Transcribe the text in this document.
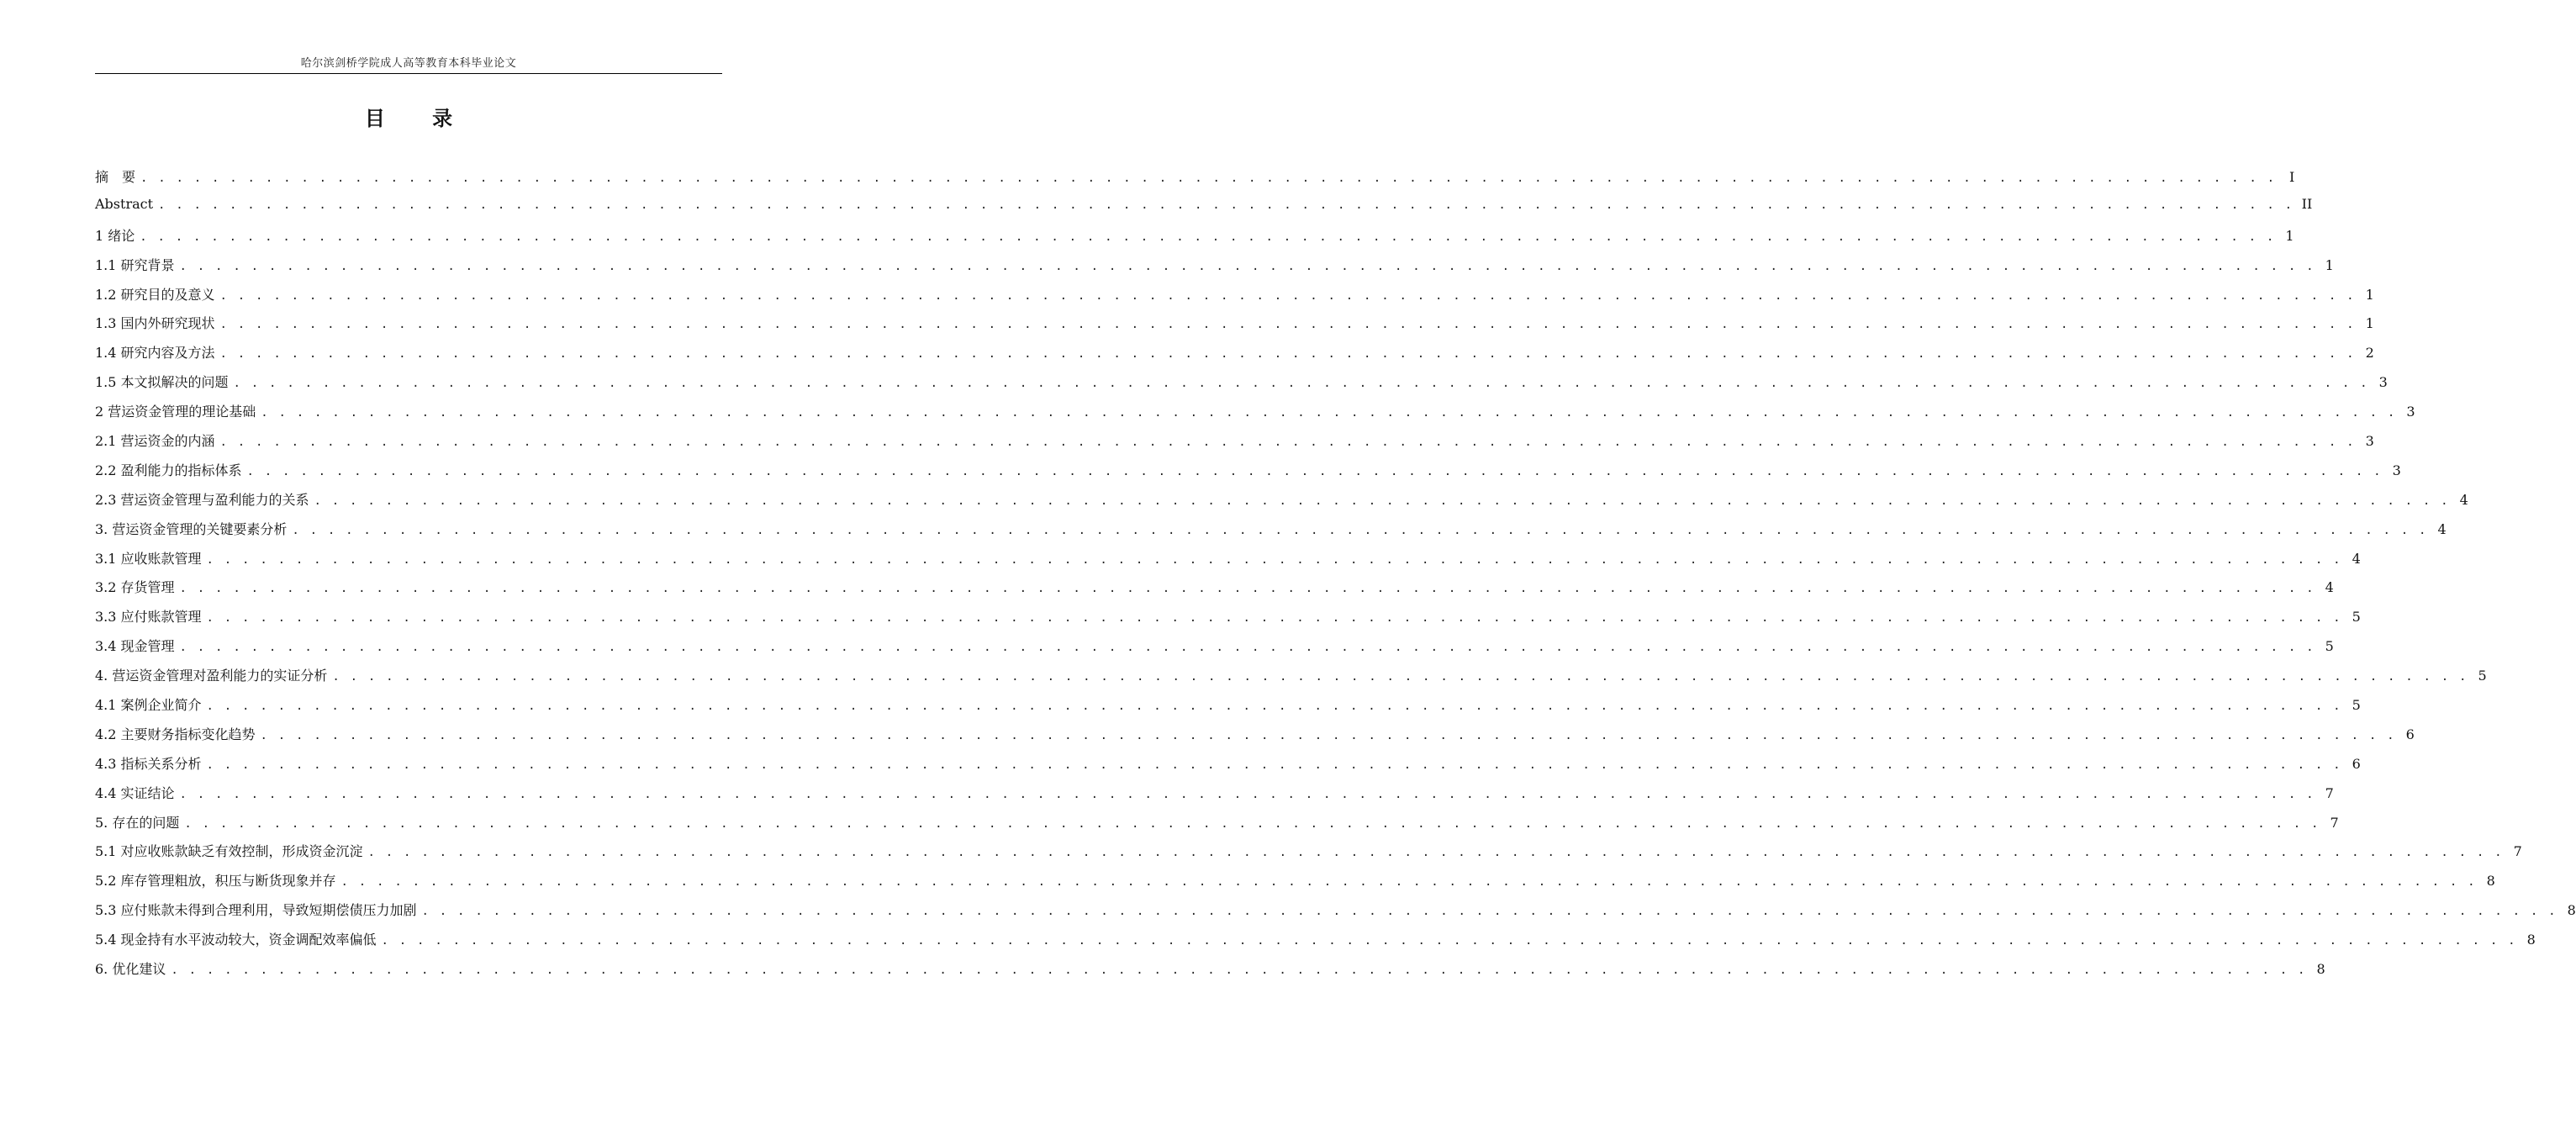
哈尔滨剑桥学院成人高等教育本科毕业论文
目 录
摘　要 . . . . . . . . . . . . . . . . . . . . . . . . . . . . . . . . . . . . . . . . . . . . . . . . . . . . . . . . . . . . . . . . . . . . . . . . . . . . . . . . . . . . . . . . . . . . . . . . . . . . . . . . . . . . . . . . . . . . . . . . I
Abstract . . . . . . . . . . . . . . . . . . . . . . . . . . . . . . . . . . . . . . . . . . . . . . . . . . . . . . . . . . . . . . . . . . . . . . . . . . . . . . . . . . . . . . . . . . . . . . . . . . . . . . . . . . . . . . . . . . . . . . . . II
1 绪论 . . . . . . . . . . . . . . . . . . . . . . . . . . . . . . . . . . . . . . . . . . . . . . . . . . . . . . . . . . . . . . . . . . . . . . . . . . . . . . . . . . . . . . . . . . . . . . . . . . . . . . . . . . . . . . . . . . . . . . . . 1
1.1 研究背景 . . . . . . . . . . . . . . . . . . . . . . . . . . . . . . . . . . . . . . . . . . . . . . . . . . . . . . . . . . . . . . . . . . . . . . . . . . . . . . . . . . . . . . . . . . . . . . . . . . . . . . . . . . . . . . . . . . . . . . . . 1
1.2 研究目的及意义 . . . . . . . . . . . . . . . . . . . . . . . . . . . . . . . . . . . . . . . . . . . . . . . . . . . . . . . . . . . . . . . . . . . . . . . . . . . . . . . . . . . . . . . . . . . . . . . . . . . . . . . . . . . . . . . . . . . . . . . . 1
1.3 国内外研究现状 . . . . . . . . . . . . . . . . . . . . . . . . . . . . . . . . . . . . . . . . . . . . . . . . . . . . . . . . . . . . . . . . . . . . . . . . . . . . . . . . . . . . . . . . . . . . . . . . . . . . . . . . . . . . . . . . . . . . . . . . 1
1.4 研究内容及方法 . . . . . . . . . . . . . . . . . . . . . . . . . . . . . . . . . . . . . . . . . . . . . . . . . . . . . . . . . . . . . . . . . . . . . . . . . . . . . . . . . . . . . . . . . . . . . . . . . . . . . . . . . . . . . . . . . . . . . . . . 2
1.5 本文拟解决的问题 . . . . . . . . . . . . . . . . . . . . . . . . . . . . . . . . . . . . . . . . . . . . . . . . . . . . . . . . . . . . . . . . . . . . . . . . . . . . . . . . . . . . . . . . . . . . . . . . . . . . . . . . . . . . . . . . . . . . . . . . 3
2 营运资金管理的理论基础 . . . . . . . . . . . . . . . . . . . . . . . . . . . . . . . . . . . . . . . . . . . . . . . . . . . . . . . . . . . . . . . . . . . . . . . . . . . . . . . . . . . . . . . . . . . . . . . . . . . . . . . . . . . . . . . . . . . . . . . . 3
2.1 营运资金的内涵 . . . . . . . . . . . . . . . . . . . . . . . . . . . . . . . . . . . . . . . . . . . . . . . . . . . . . . . . . . . . . . . . . . . . . . . . . . . . . . . . . . . . . . . . . . . . . . . . . . . . . . . . . . . . . . . . . . . . . . . . 3
2.2 盈利能力的指标体系 . . . . . . . . . . . . . . . . . . . . . . . . . . . . . . . . . . . . . . . . . . . . . . . . . . . . . . . . . . . . . . . . . . . . . . . . . . . . . . . . . . . . . . . . . . . . . . . . . . . . . . . . . . . . . . . . . . . . . . . . 3
2.3 营运资金管理与盈利能力的关系 . . . . . . . . . . . . . . . . . . . . . . . . . . . . . . . . . . . . . . . . . . . . . . . . . . . . . . . . . . . . . . . . . . . . . . . . . . . . . . . . . . . . . . . . . . . . . . . . . . . . . . . . . . . . . . . . . . . . . . . . 4
3. 营运资金管理的关键要素分析 . . . . . . . . . . . . . . . . . . . . . . . . . . . . . . . . . . . . . . . . . . . . . . . . . . . . . . . . . . . . . . . . . . . . . . . . . . . . . . . . . . . . . . . . . . . . . . . . . . . . . . . . . . . . . . . . . . . . . . . . 4
3.1 应收账款管理 . . . . . . . . . . . . . . . . . . . . . . . . . . . . . . . . . . . . . . . . . . . . . . . . . . . . . . . . . . . . . . . . . . . . . . . . . . . . . . . . . . . . . . . . . . . . . . . . . . . . . . . . . . . . . . . . . . . . . . . . 4
3.2 存货管理 . . . . . . . . . . . . . . . . . . . . . . . . . . . . . . . . . . . . . . . . . . . . . . . . . . . . . . . . . . . . . . . . . . . . . . . . . . . . . . . . . . . . . . . . . . . . . . . . . . . . . . . . . . . . . . . . . . . . . . . . 4
3.3 应付账款管理 . . . . . . . . . . . . . . . . . . . . . . . . . . . . . . . . . . . . . . . . . . . . . . . . . . . . . . . . . . . . . . . . . . . . . . . . . . . . . . . . . . . . . . . . . . . . . . . . . . . . . . . . . . . . . . . . . . . . . . . . 5
3.4 现金管理 . . . . . . . . . . . . . . . . . . . . . . . . . . . . . . . . . . . . . . . . . . . . . . . . . . . . . . . . . . . . . . . . . . . . . . . . . . . . . . . . . . . . . . . . . . . . . . . . . . . . . . . . . . . . . . . . . . . . . . . . 5
4. 营运资金管理对盈利能力的实证分析 . . . . . . . . . . . . . . . . . . . . . . . . . . . . . . . . . . . . . . . . . . . . . . . . . . . . . . . . . . . . . . . . . . . . . . . . . . . . . . . . . . . . . . . . . . . . . . . . . . . . . . . . . . . . . . . . . . . . . . . . 5
4.1 案例企业简介 . . . . . . . . . . . . . . . . . . . . . . . . . . . . . . . . . . . . . . . . . . . . . . . . . . . . . . . . . . . . . . . . . . . . . . . . . . . . . . . . . . . . . . . . . . . . . . . . . . . . . . . . . . . . . . . . . . . . . . . . 5
4.2 主要财务指标变化趋势 . . . . . . . . . . . . . . . . . . . . . . . . . . . . . . . . . . . . . . . . . . . . . . . . . . . . . . . . . . . . . . . . . . . . . . . . . . . . . . . . . . . . . . . . . . . . . . . . . . . . . . . . . . . . . . . . . . . . . . . . 6
4.3 指标关系分析 . . . . . . . . . . . . . . . . . . . . . . . . . . . . . . . . . . . . . . . . . . . . . . . . . . . . . . . . . . . . . . . . . . . . . . . . . . . . . . . . . . . . . . . . . . . . . . . . . . . . . . . . . . . . . . . . . . . . . . . . 6
4.4 实证结论 . . . . . . . . . . . . . . . . . . . . . . . . . . . . . . . . . . . . . . . . . . . . . . . . . . . . . . . . . . . . . . . . . . . . . . . . . . . . . . . . . . . . . . . . . . . . . . . . . . . . . . . . . . . . . . . . . . . . . . . . 7
5. 存在的问题 . . . . . . . . . . . . . . . . . . . . . . . . . . . . . . . . . . . . . . . . . . . . . . . . . . . . . . . . . . . . . . . . . . . . . . . . . . . . . . . . . . . . . . . . . . . . . . . . . . . . . . . . . . . . . . . . . . . . . . . . 7
5.1 对应收账款缺乏有效控制，形成资金沉淀 . . . . . . . . . . . . . . . . . . . . . . . . . . . . . . . . . . . . . . . . . . . . . . . . . . . . . . . . . . . . . . . . . . . . . . . . . . . . . . . . . . . . . . . . . . . . . . . . . . . . . . . . . . . . . . . . . . . . . . . . 7
5.2 库存管理粗放，积压与断货现象并存 . . . . . . . . . . . . . . . . . . . . . . . . . . . . . . . . . . . . . . . . . . . . . . . . . . . . . . . . . . . . . . . . . . . . . . . . . . . . . . . . . . . . . . . . . . . . . . . . . . . . . . . . . . . . . . . . . . . . . . . . 8
5.3 应付账款未得到合理利用，导致短期偿债压力加剧 . . . . . . . . . . . . . . . . . . . . . . . . . . . . . . . . . . . . . . . . . . . . . . . . . . . . . . . . . . . . . . . . . . . . . . . . . . . . . . . . . . . . . . . . . . . . . . . . . . . . . . . . . . . . . . . . . . . . . . . . 8
5.4 现金持有水平波动较大，资金调配效率偏低 . . . . . . . . . . . . . . . . . . . . . . . . . . . . . . . . . . . . . . . . . . . . . . . . . . . . . . . . . . . . . . . . . . . . . . . . . . . . . . . . . . . . . . . . . . . . . . . . . . . . . . . . . . . . . . . . . . . . . . . . 8
6. 优化建议 . . . . . . . . . . . . . . . . . . . . . . . . . . . . . . . . . . . . . . . . . . . . . . . . . . . . . . . . . . . . . . . . . . . . . . . . . . . . . . . . . . . . . . . . . . . . . . . . . . . . . . . . . . . . . . . . . . . . . . . . 8
